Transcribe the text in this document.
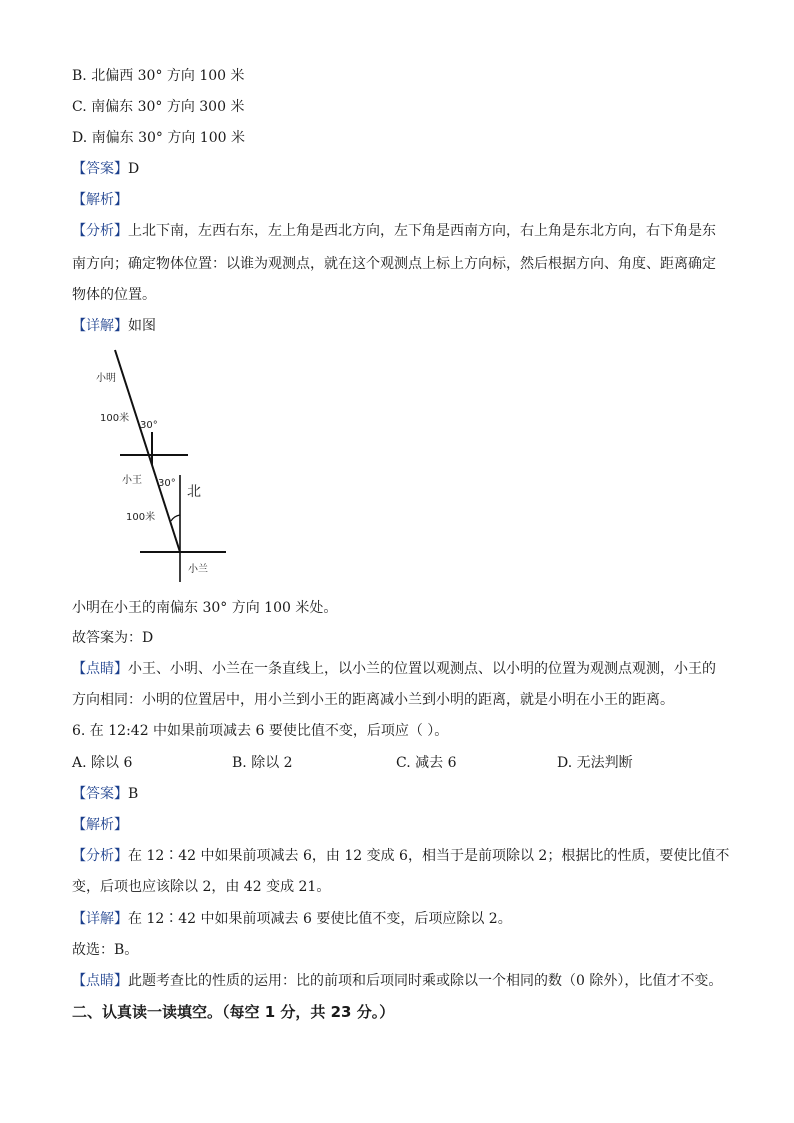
B. 北偏西 30° 方向 100 米
C. 南偏东 30° 方向 300 米
D. 南偏东 30° 方向 100 米
【答案】D
【解析】
【分析】上北下南，左西右东，左上角是西北方向，左下角是西南方向，右上角是东北方向，右下角是东
南方向；确定物体位置：以谁为观测点，就在这个观测点上标上方向标，然后根据方向、角度、距离确定
物体的位置。
【详解】如图
小明
100米
30°
小王 30°
北
100米
小兰
小明在小王的南偏东 30° 方向 100 米处。
故答案为：D
【点睛】小王、小明、小兰在一条直线上，以小兰的位置以观测点、以小明的位置为观测点观测，小王的
方向相同：小明的位置居中，用小兰到小王的距离减小兰到小明的距离，就是小明在小王的距离。
6. 在 12:42 中如果前项减去 6 要使比值不变，后项应（ ）。
A. 除以 6	B. 除以 2	C. 减去 6	D. 无法判断
【答案】B
【解析】
【分析】在 12∶42 中如果前项减去 6，由 12 变成 6，相当于是前项除以 2；根据比的性质，要使比值不
变，后项也应该除以 2，由 42 变成 21。
【详解】在 12∶42 中如果前项减去 6 要使比值不变，后项应除以 2。
故选：B。
【点睛】此题考查比的性质的运用：比的前项和后项同时乘或除以一个相同的数（0 除外），比值才不变。
二、认真读一读填空。（每空 1 分，共 23 分。）
